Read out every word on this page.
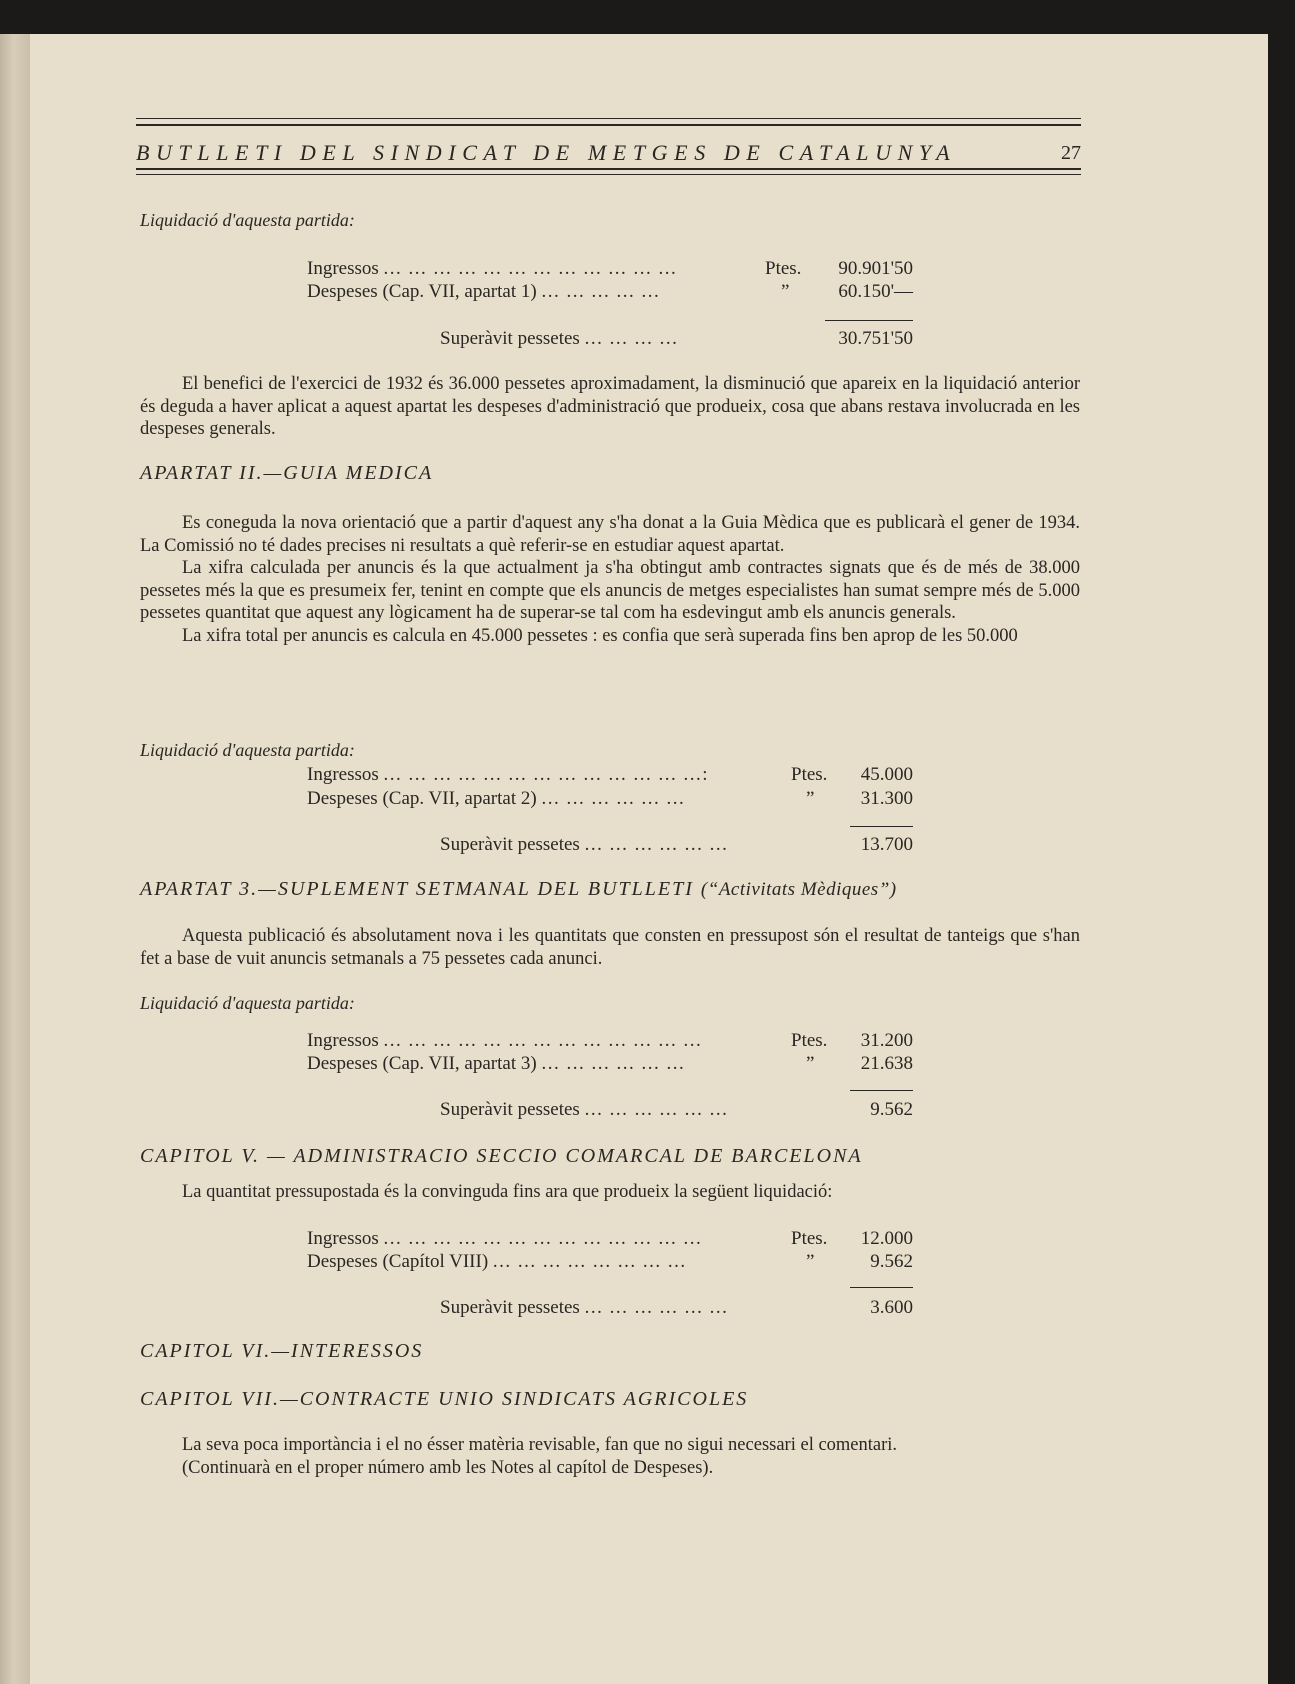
BUTLLETI DEL SINDICAT DE METGES DE CATALUNYA	27
Liquidació d'aquesta partida:
Ingressos ... ... ... ... ... ... ... ... ... ... ... ...	Ptes.	90.901'50
Despeses (Cap. VII, apartat 1) ... ... ... ... ...	”	60.150'—
Superàvit pessetes ... ... ... ...	30.751'50

El benefici de l'exercici de 1932 és 36.000 pessetes aproximadament, la disminució que apareix en la liquidació anterior és deguda a haver aplicat a aquest apartat les despeses d'administració que produeix, cosa que abans restava involucrada en les despeses generals.

APARTAT II.—GUIA MEDICA

Es coneguda la nova orientació que a partir d'aquest any s'ha donat a la Guia Mèdica que es publicarà el gener de 1934. La Comissió no té dades precises ni resultats a què referir-se en estudiar aquest apartat.

La xifra calculada per anuncis és la que actualment ja s'ha obtingut amb contractes signats que és de més de 38.000 pessetes més la que es presumeix fer, tenint en compte que els anuncis de metges especialistes han sumat sempre més de 5.000 pessetes quantitat que aquest any lògicament ha de superar-se tal com ha esdevingut amb els anuncis generals.

La xifra total per anuncis es calcula en 45.000 pessetes : es confia que serà superada fins ben aprop de les 50.000

Liquidació d'aquesta partida:
Ingressos ... ... ... ... ... ... ... ... ... ... ... ... ...:	Ptes.	45.000
Despeses (Cap. VII, apartat 2) ... ... ... ... ... ...	”	31.300
Superàvit pessetes ... ... ... ... ... ...	13.700
APARTAT 3.—SUPLEMENT SETMANAL DEL BUTLLETI (“Activitats Mèdiques”)

Aquesta publicació és absolutament nova i les quantitats que consten en pressupost són el resultat de tanteigs que s'han fet a base de vuit anuncis setmanals a 75 pessetes cada anunci.

Liquidació d'aquesta partida:
Ingressos ... ... ... ... ... ... ... ... ... ... ... ... ...	Ptes.	31.200
Despeses (Cap. VII, apartat 3) ... ... ... ... ... ...	”	21.638
Superàvit pessetes ... ... ... ... ... ...	9.562
CAPITOL V. — ADMINISTRACIO SECCIO COMARCAL DE BARCELONA

La quantitat pressupostada és la convinguda fins ara que produeix la següent liquidació:

Ingressos ... ... ... ... ... ... ... ... ... ... ... ... ...	Ptes.	12.000
Despeses (Capítol VIII) ... ... ... ... ... ... ... ...	”	9.562
Superàvit pessetes ... ... ... ... ... ...	3.600
CAPITOL VI.—INTERESSOS
CAPITOL VII.—CONTRACTE UNIO SINDICATS AGRICOLES

La seva poca importància i el no ésser matèria revisable, fan que no sigui necessari el comentari.

(Continuarà en el proper número amb les Notes al capítol de Despeses).
